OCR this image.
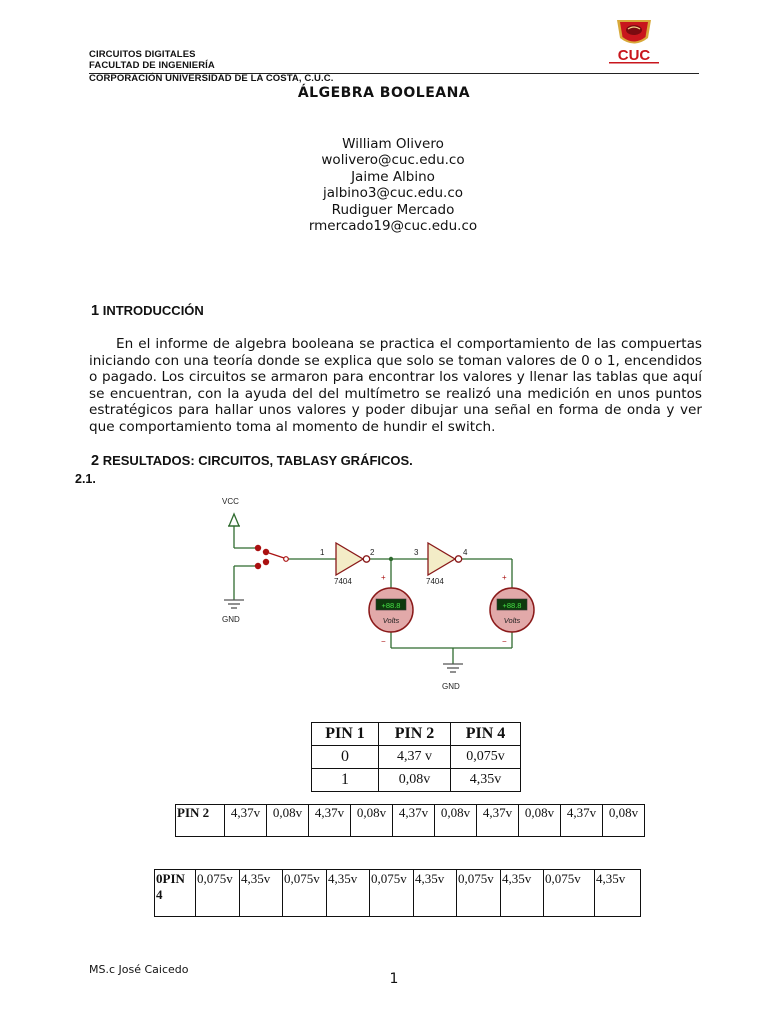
CIRCUITOS DIGITALES
FACULTAD DE INGENIERÍA
CORPORACIÓN UNIVERSIDAD DE LA COSTA, C.U.C.
CUC
ÁLGEBRA BOOLEANA
William Olivero
wolivero@cuc.edu.co
Jaime Albino
jalbino3@cuc.edu.co
Rudiguer Mercado
rmercado19@cuc.edu.co
1 INTRODUCCIÓN
En el informe de algebra booleana se practica el comportamiento de las compuertas iniciando con una teoría donde se explica que solo se toman valores de 0 o 1, encendidos o pagado. Los circuitos se armaron para encontrar los valores y llenar las tablas que aquí se encuentran, con la ayuda del del multímetro se realizó una medición en unos puntos estratégicos para hallar unos valores y poder dibujar una señal en forma de onda y ver que comportamiento toma al momento de hundir el switch.
2 RESULTADOS: CIRCUITOS, TABLASY GRÁFICOS.
2.1.
VCC
GND
1	2	3	4
7404	7404
+
−
+88.8
Volts
+
−
+88.8
Volts
GND
PIN 1	PIN 2	PIN 4
0	4,37 v	0,075v
1	0,08v	4,35v
PIN 2	4,37v	0,08v	4,37v	0,08v	4,37v	0,08v	4,37v	0,08v	4,37v	0,08v
0PIN
4	0,075v	4,35v	0,075v	4,35v	0,075v	4,35v	0,075v	4,35v	0,075v	4,35v
MS.c José Caicedo
1
